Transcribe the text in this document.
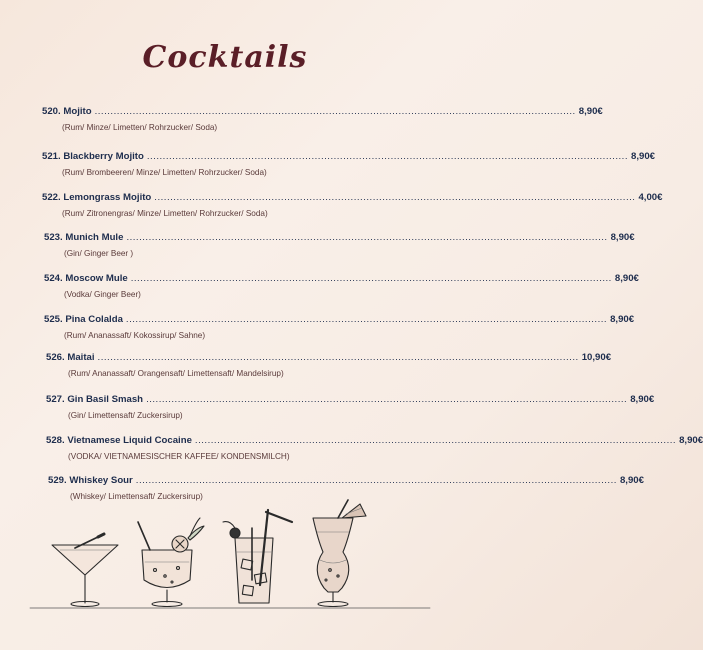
Cocktails
520. Mojito ........................................................................................................................................................ 8,90€
(Rum/ Minze/ Limetten/ Rohrzucker/ Soda)
521. Blackberry Mojito ........................................................................................................................................................ 8,90€
(Rum/ Brombeeren/ Minze/ Limetten/ Rohrzucker/ Soda)
522. Lemongrass Mojito ........................................................................................................................................................ 4,00€
(Rum/ Zitronengras/ Minze/ Limetten/ Rohrzucker/ Soda)
523. Munich Mule ........................................................................................................................................................ 8,90€
(Gin/ Ginger Beer )
524. Moscow Mule ........................................................................................................................................................ 8,90€
(Vodka/ Ginger Beer)
525. Pina Colalda ........................................................................................................................................................ 8,90€
(Rum/ Ananassaft/ Kokossirup/ Sahne)
526. Maitai ........................................................................................................................................................ 10,90€
(Rum/ Ananassaft/ Orangensaft/ Limettensaft/ Mandelsirup)
527. Gin Basil Smash ........................................................................................................................................................ 8,90€
(Gin/ Limettensaft/ Zuckersirup)
528. Vietnamese Liquid Cocaine ........................................................................................................................................................ 8,90€
(VODKA/ VIETNAMESISCHER KAFFEE/ KONDENSMILCH)
529. Whiskey Sour ........................................................................................................................................................ 8,90€
(Whiskey/ Limettensaft/ Zuckersirup)
